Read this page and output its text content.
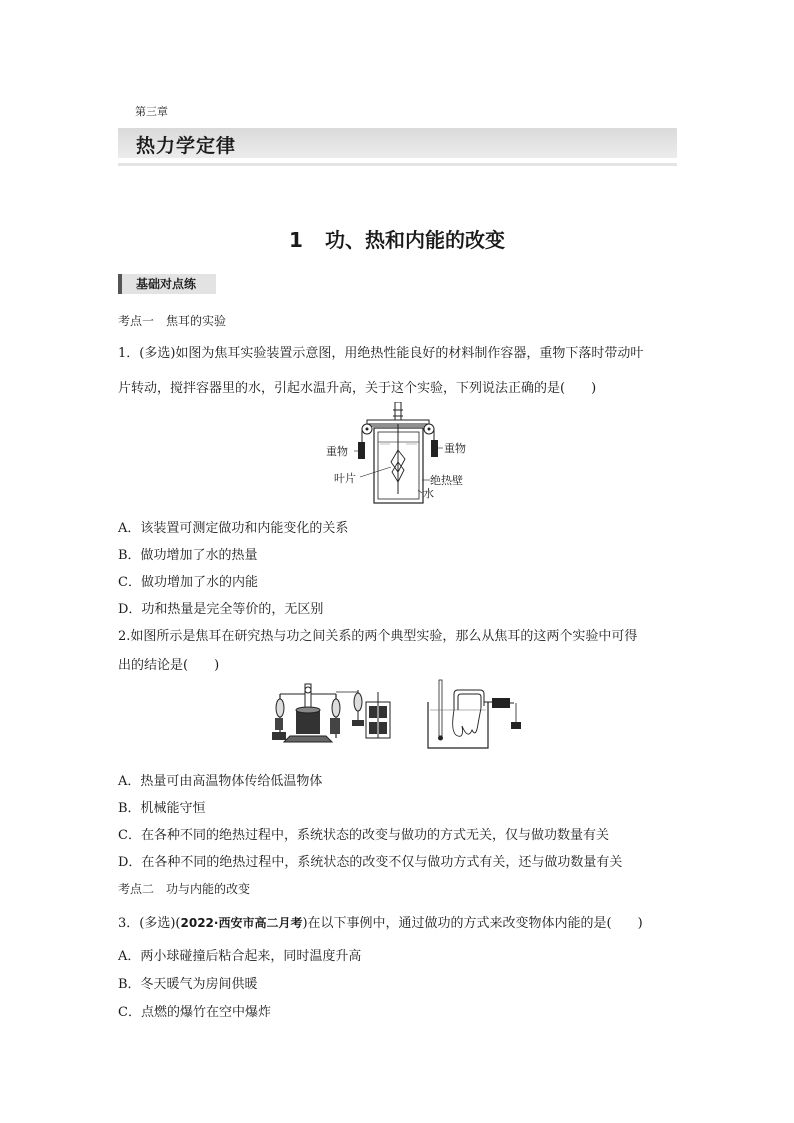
第三章
热力学定律
1 功、热和内能的改变
基础对点练
考点一　焦耳的实验
1．(多选)如图为焦耳实验装置示意图，用绝热性能良好的材料制作容器，重物下落时带动叶
片转动，搅拌容器里的水，引起水温升高，关于这个实验，下列说法正确的是(　　)
重物	重物
叶片	绝热壁
水
A．该装置可测定做功和内能变化的关系
B．做功增加了水的热量
C．做功增加了水的内能
D．功和热量是完全等价的，无区别
2.如图所示是焦耳在研究热与功之间关系的两个典型实验，那么从焦耳的这两个实验中可得
出的结论是(　　)
A．热量可由高温物体传给低温物体
B．机械能守恒
C．在各种不同的绝热过程中，系统状态的改变与做功的方式无关，仅与做功数量有关
D．在各种不同的绝热过程中，系统状态的改变不仅与做功方式有关，还与做功数量有关
考点二　功与内能的改变
3．(多选)(2022·西安市高二月考)在以下事例中，通过做功的方式来改变物体内能的是(　　)
A．两小球碰撞后粘合起来，同时温度升高
B．冬天暖气为房间供暖
C．点燃的爆竹在空中爆炸
